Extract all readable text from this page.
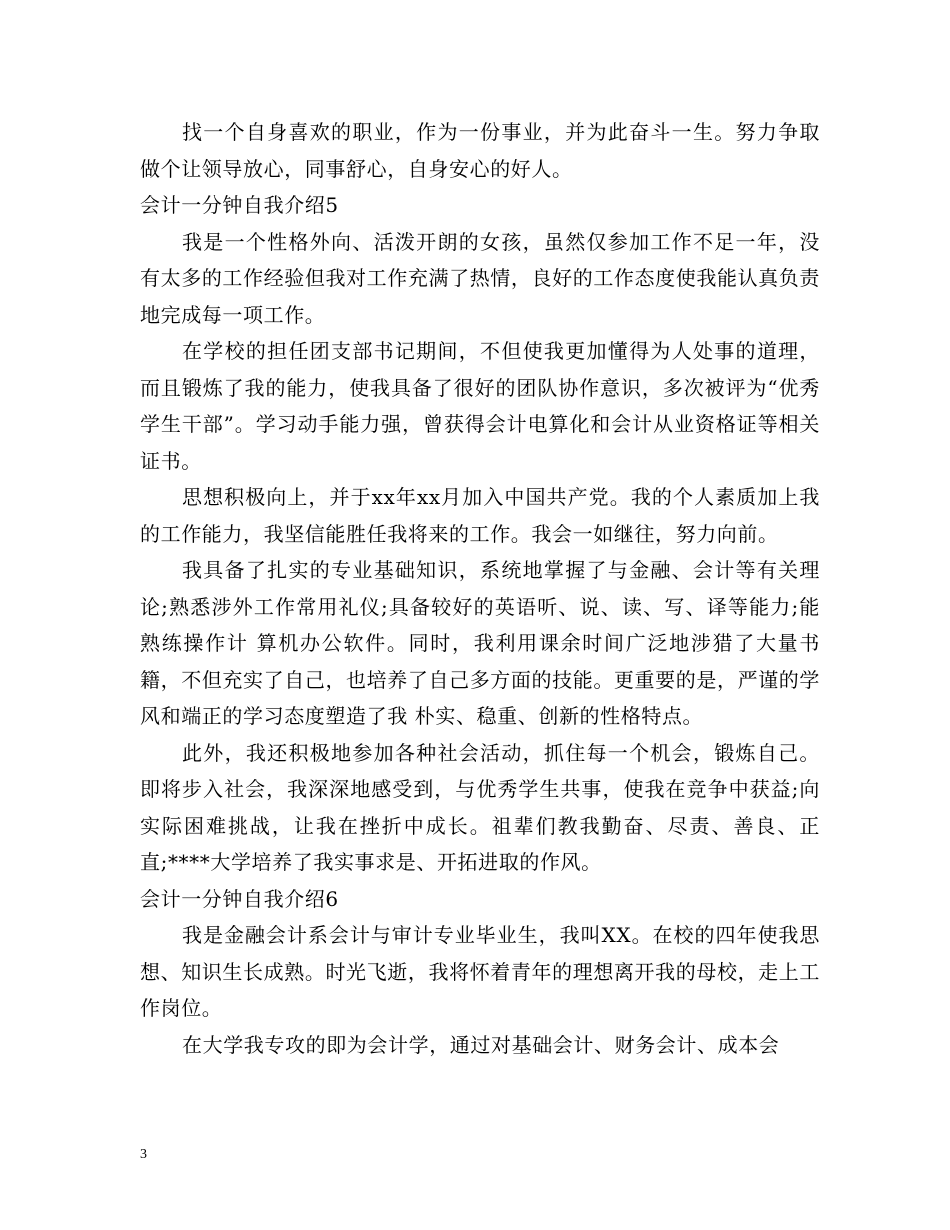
找一个自身喜欢的职业，作为一份事业，并为此奋斗一生。努力争取做个让领导放心，同事舒心，自身安心的好人。

会计一分钟自我介绍5

我是一个性格外向、活泼开朗的女孩，虽然仅参加工作不足一年，没有太多的工作经验但我对工作充满了热情，良好的工作态度使我能认真负责地完成每一项工作。

在学校的担任团支部书记期间，不但使我更加懂得为人处事的道理，而且锻炼了我的能力，使我具备了很好的团队协作意识，多次被评为“优秀学生干部”。学习动手能力强，曾获得会计电算化和会计从业资格证等相关证书。

思想积极向上，并于xx年xx月加入中国共产党。我的个人素质加上我的工作能力，我坚信能胜任我将来的工作。我会一如继往，努力向前。

我具备了扎实的专业基础知识，系统地掌握了与金融、会计等有关理论;熟悉涉外工作常用礼仪;具备较好的英语听、说、读、写、译等能力;能熟练操作计 算机办公软件。同时，我利用课余时间广泛地涉猎了大量书籍，不但充实了自己，也培养了自己多方面的技能。更重要的是，严谨的学风和端正的学习态度塑造了我 朴实、稳重、创新的性格特点。

此外，我还积极地参加各种社会活动，抓住每一个机会，锻炼自己。即将步入社会，我深深地感受到，与优秀学生共事，使我在竞争中获益;向实际困难挑战，让我在挫折中成长。祖辈们教我勤奋、尽责、善良、正直;****大学培养了我实事求是、开拓进取的作风。

会计一分钟自我介绍6

我是金融会计系会计与审计专业毕业生，我叫XX。在校的四年使我思想、知识生长成熟。时光飞逝，我将怀着青年的理想离开我的母校，走上工作岗位。

在大学我专攻的即为会计学，通过对基础会计、财务会计、成本会

3
